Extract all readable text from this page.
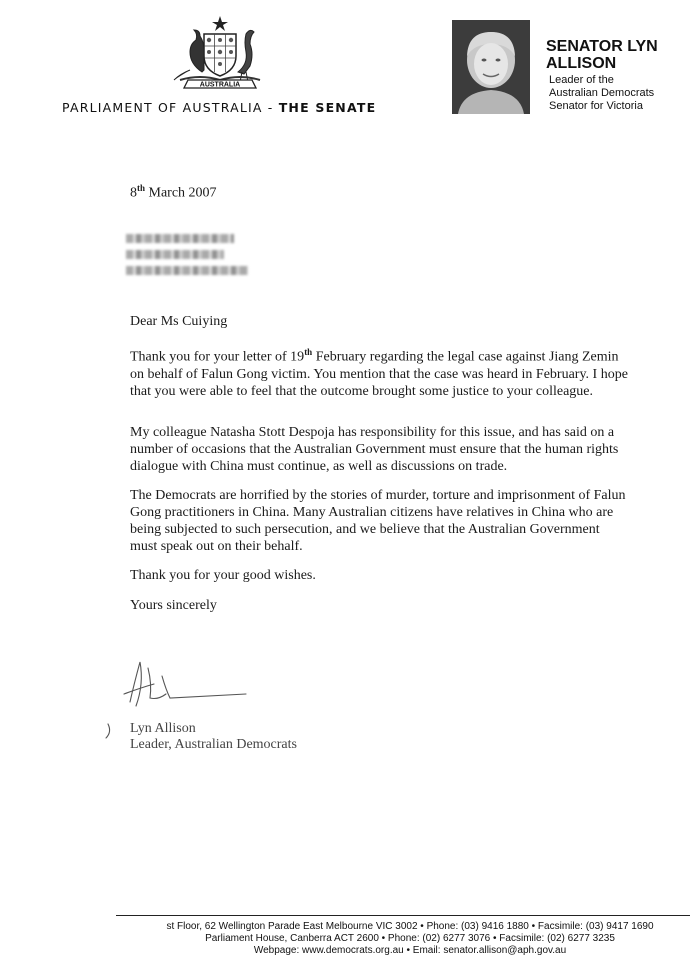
AUSTRALIA
PARLIAMENT OF AUSTRALIA - THE SENATE
SENATOR LYN ALLISON
Leader of the
Australian Democrats
Senator for Victoria
8th March 2007

Dear Ms Cuiying

Thank you for your letter of 19th February regarding the legal case against Jiang Zemin on behalf of Falun Gong victim. You mention that the case was heard in February. I hope that you were able to feel that the outcome brought some justice to your colleague.

My colleague Natasha Stott Despoja has responsibility for this issue, and has said on a number of occasions that the Australian Government must ensure that the human rights dialogue with China must continue, as well as discussions on trade.

The Democrats are horrified by the stories of murder, torture and imprisonment of Falun Gong practitioners in China. Many Australian citizens have relatives in China who are being subjected to such persecution, and we believe that the Australian Government must speak out on their behalf.

Thank you for your good wishes.

Yours sincerely

Lyn Allison
Leader, Australian Democrats
st Floor, 62 Wellington Parade East Melbourne VIC 3002 • Phone: (03) 9416 1880 • Facsimile: (03) 9417 1690
Parliament House, Canberra ACT 2600 • Phone: (02) 6277 3076 • Facsimile: (02) 6277 3235
Webpage: www.democrats.org.au • Email: senator.allison@aph.gov.au
